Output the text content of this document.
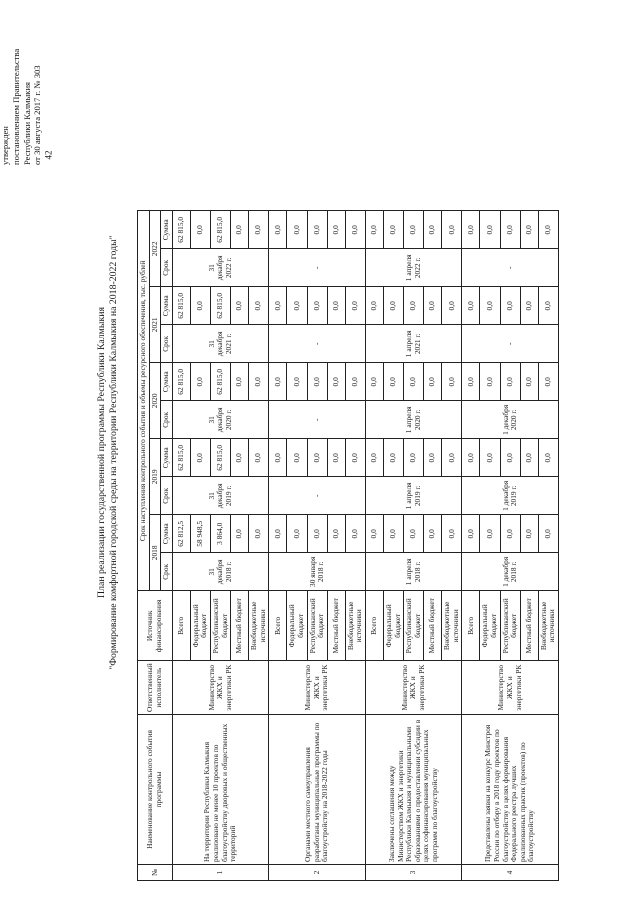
42
утвержден постановлением Правительства Республики Калмыкия от 30 августа 2017 г. № 303
План реализации государственной программы Республики Калмыкия "Формирование комфортной городской среды на территории Республики Калмыкия на 2018-2022 годы"
№	Наименование контрольного события программы	Ответственный исполнитель	Источник финансирования	Срок наступления контрольного события и объемы ресурсного обеспечения, тыс. рублей									
				2018		2019		2020		2021		2022	
				Срок	Сумма	Срок	Сумма	Срок	Сумма	Срок	Сумма	Срок	Сумма
1	На территории Республики Калмыкия реализовано не менее 10 проектов по благоустройству дворовых и общественных территорий	Министерство ЖКХ и энергетики РК	Всего	31 декабря 2018 г.	62 812,5	31 декабря 2019 г.	62 815,0	31 декабря 2020 г.	62 815,0	31 декабря 2021 г.	62 815,0	31 декабря 2022 г.	62 815,0
			Федеральный бюджет		58 948,5		0,0		0,0		0,0		0,0
			Республиканский бюджет		3 864,0		62 815,0		62 815,0		62 815,0		62 815,0
			Местный бюджет		0,0		0,0		0,0		0,0		0,0
			Внебюджетные источники		0,0		0,0		0,0		0,0		0,0
2	Органами местного самоуправления разработаны муниципальные программы по благоустройству на 2018-2022 годы	Министерство ЖКХ и энергетики РК	Всего	30 января 2018 г.	0,0	-	0,0	-	0,0	-	0,0	-	0,0
			Федеральный бюджет		0,0		0,0		0,0		0,0		0,0
			Республиканский бюджет		0,0		0,0		0,0		0,0		0,0
			Местный бюджет		0,0		0,0		0,0		0,0		0,0
			Внебюджетные источники		0,0		0,0		0,0		0,0		0,0
3	Заключены соглашения между Министерством ЖКХ и энергетики Республики Калмыкия и муниципальными образованиями о предоставлении субсидии в целях софинансирования муниципальных программ по благоустройству	Министерство ЖКХ и энергетики РК	Всего	1 апреля 2018 г.	0,0	1 апреля 2019 г.	0,0	1 апреля 2020 г.	0,0	1 апреля 2021 г.	0,0	1 апреля 2022 г.	0,0
			Федеральный бюджет		0,0		0,0		0,0		0,0		0,0
			Республиканский бюджет		0,0		0,0		0,0		0,0		0,0
			Местный бюджет		0,0		0,0		0,0		0,0		0,0
			Внебюджетные источники		0,0		0,0		0,0		0,0		0,0
4	Представлены заявки на конкурс Минстроя России по отбору в 2018 году проектов по благоустройству в целях формирования Федерального реестра лучших реализованных практик (проектов) по благоустройству	Министерство ЖКХ и энергетики РК	Всего	1 декабря 2018 г.	0,0	1 декабря 2019 г.	0,0	1 декабря 2020 г.	0,0	-	0,0	-	0,0
			Федеральный бюджет		0,0		0,0		0,0		0,0		0,0
			Республиканский бюджет		0,0		0,0		0,0		0,0		0,0
			Местный бюджет		0,0		0,0		0,0		0,0		0,0
			Внебюджетные источники		0,0		0,0		0,0		0,0		0,0
